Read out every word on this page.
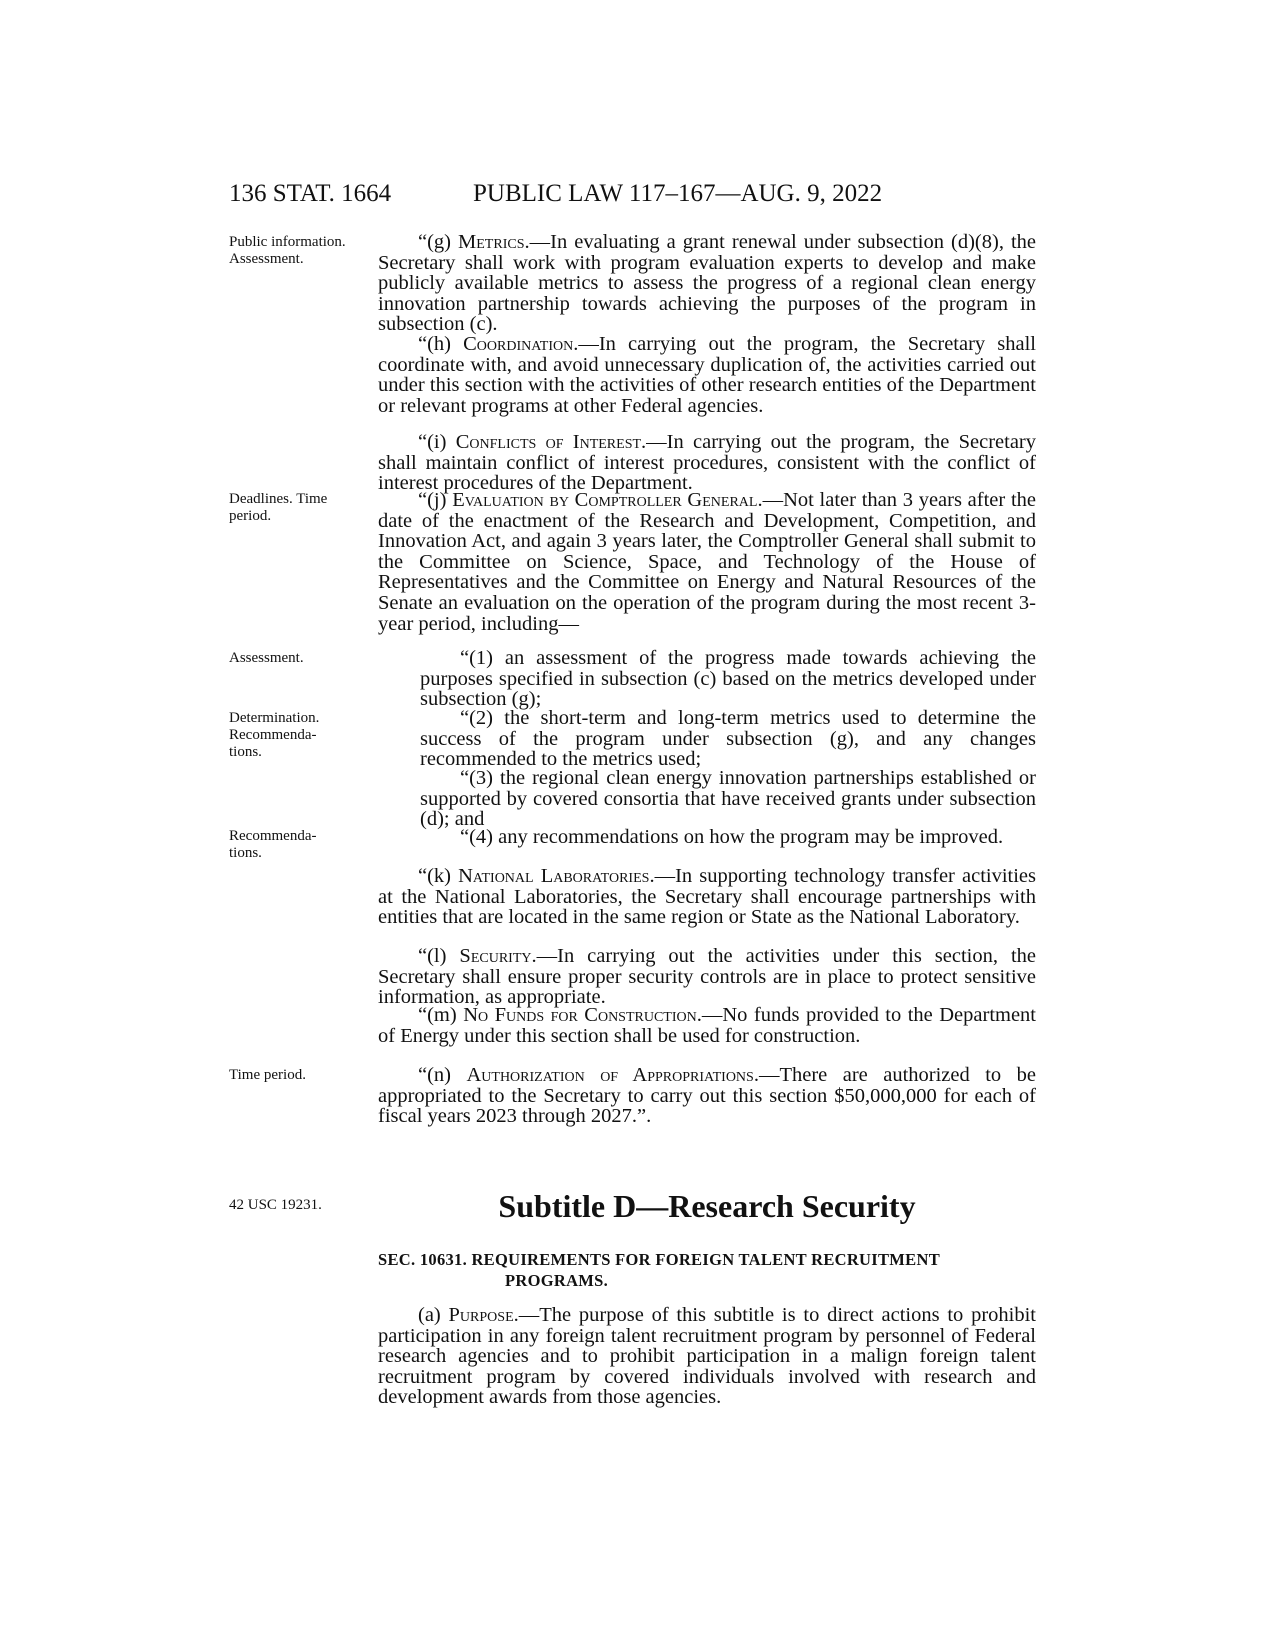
136 STAT. 1664	PUBLIC LAW 117–167—AUG. 9, 2022
Public information. Assessment.
Deadlines. Time period.
Assessment.
Determination. Recommenda- tions.
Recommenda- tions.
Time period.
42 USC 19231.
“(g) Metrics.—In evaluating a grant renewal under subsection (d)(8), the Secretary shall work with program evaluation experts to develop and make publicly available metrics to assess the progress of a regional clean energy innovation partnership towards achieving the purposes of the program in subsection (c).
“(h) Coordination.—In carrying out the program, the Secretary shall coordinate with, and avoid unnecessary duplication of, the activities carried out under this section with the activities of other research entities of the Department or relevant programs at other Federal agencies.
“(i) Conflicts of Interest.—In carrying out the program, the Secretary shall maintain conflict of interest procedures, consistent with the conflict of interest procedures of the Department.
“(j) Evaluation by Comptroller General.—Not later than 3 years after the date of the enactment of the Research and Development, Competition, and Innovation Act, and again 3 years later, the Comptroller General shall submit to the Committee on Science, Space, and Technology of the House of Representatives and the Committee on Energy and Natural Resources of the Senate an evaluation on the operation of the program during the most recent 3-year period, including—
“(1) an assessment of the progress made towards achieving the purposes specified in subsection (c) based on the metrics developed under subsection (g);
“(2) the short-term and long-term metrics used to determine the success of the program under subsection (g), and any changes recommended to the metrics used;
“(3) the regional clean energy innovation partnerships established or supported by covered consortia that have received grants under subsection (d); and
“(4) any recommendations on how the program may be improved.
“(k) National Laboratories.—In supporting technology transfer activities at the National Laboratories, the Secretary shall encourage partnerships with entities that are located in the same region or State as the National Laboratory.
“(l) Security.—In carrying out the activities under this section, the Secretary shall ensure proper security controls are in place to protect sensitive information, as appropriate.
“(m) No Funds for Construction.—No funds provided to the Department of Energy under this section shall be used for construction.
“(n) Authorization of Appropriations.—There are authorized to be appropriated to the Secretary to carry out this section $50,000,000 for each of fiscal years 2023 through 2027.”.
Subtitle D—Research Security
SEC. 10631. REQUIREMENTS FOR FOREIGN TALENT RECRUITMENT
PROGRAMS.
(a) Purpose.—The purpose of this subtitle is to direct actions to prohibit participation in any foreign talent recruitment program by personnel of Federal research agencies and to prohibit participation in a malign foreign talent recruitment program by covered individuals involved with research and development awards from those agencies.
